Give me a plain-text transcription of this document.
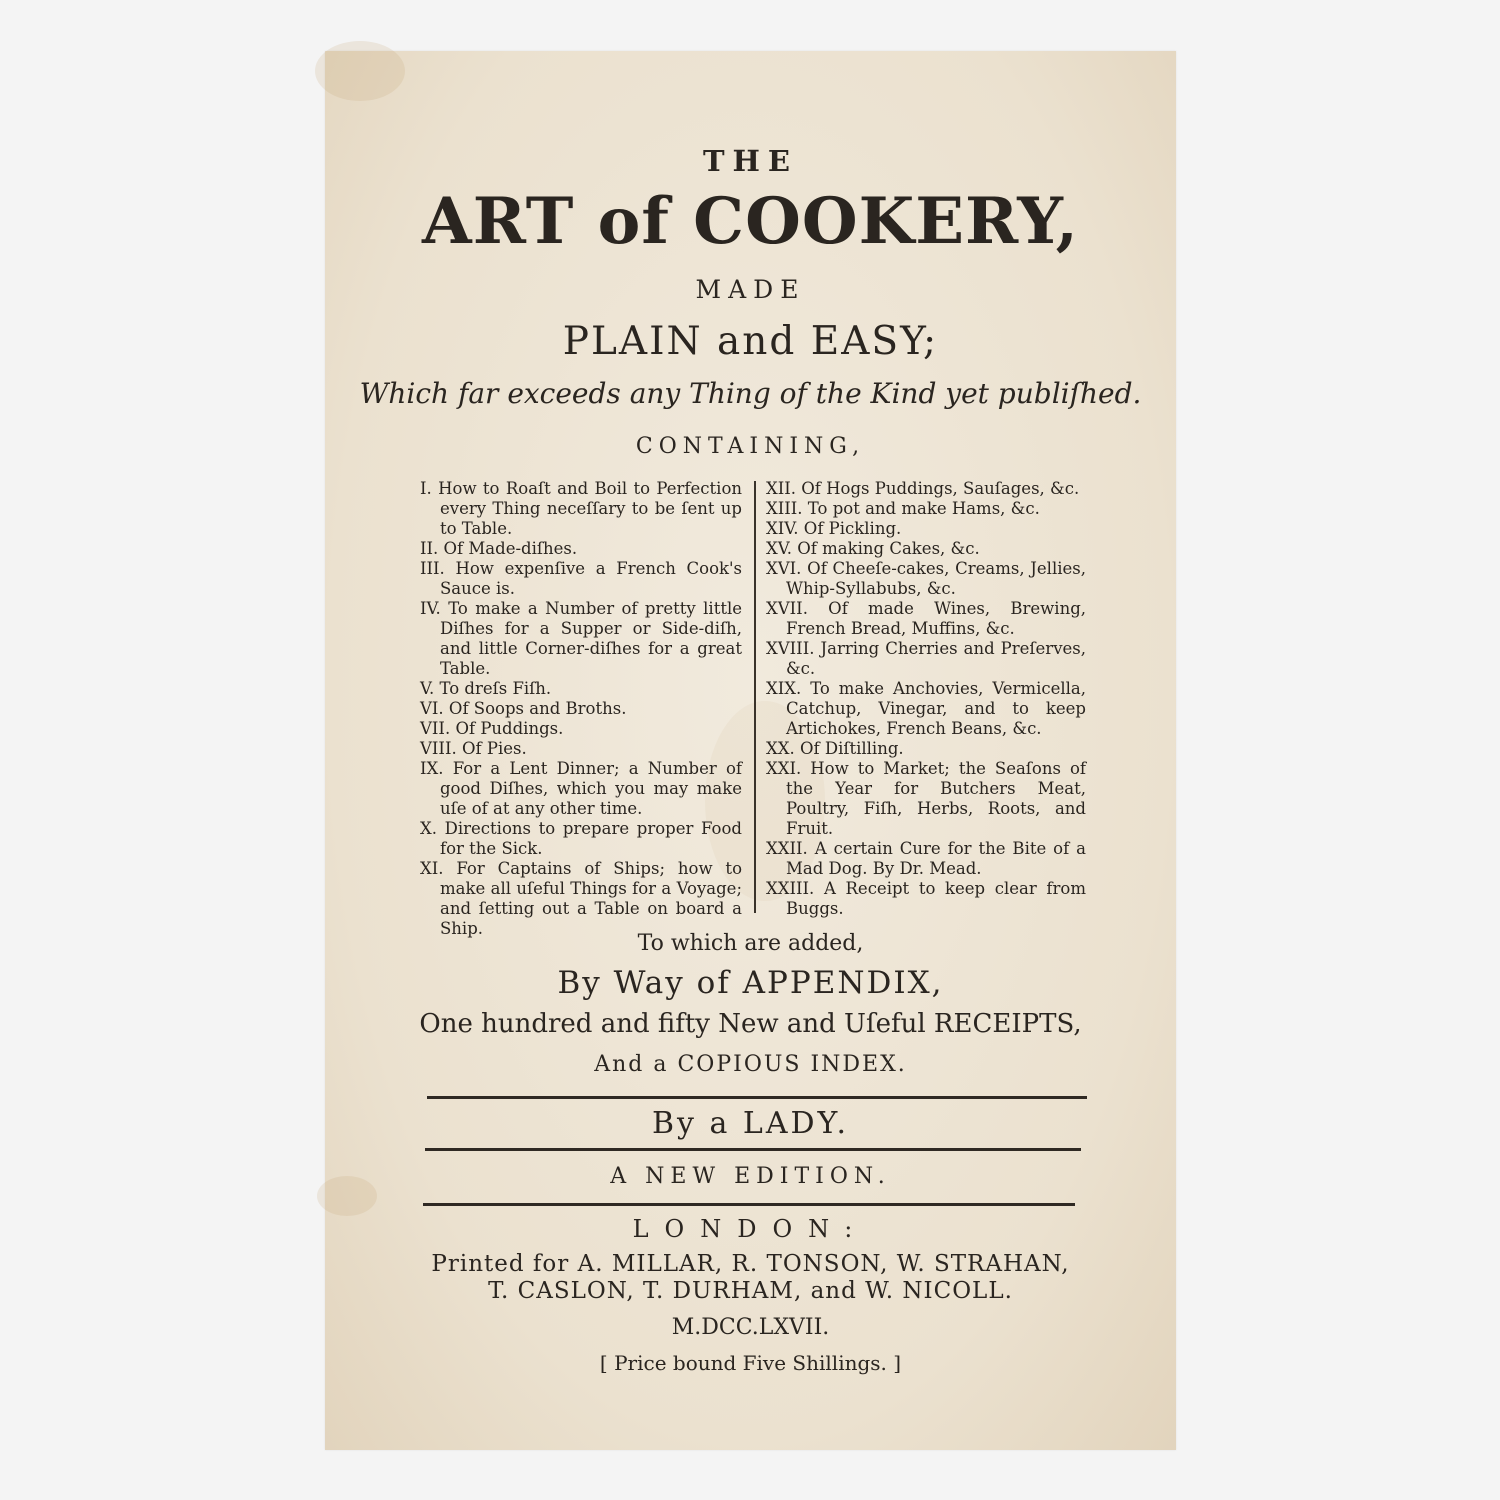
THE
ART of COOKERY,
MADE
PLAIN and EASY;
Which far exceeds any Thing of the Kind yet publiſhed.
CONTAINING,
I. How to Roaſt and Boil to Perfection every Thing neceſſary to be ſent up to Table.
II. Of Made-diſhes.
III. How expenſive a French Cook's Sauce is.
IV. To make a Number of pretty little Diſhes for a Supper or Side-diſh, and little Corner-diſhes for a great Table.
V. To dreſs Fiſh.
VI. Of Soops and Broths.
VII. Of Puddings.
VIII. Of Pies.
IX. For a Lent Dinner; a Number of good Diſhes, which you may make uſe of at any other time.
X. Directions to prepare proper Food for the Sick.
XI. For Captains of Ships; how to make all uſeful Things for a Voyage; and ſetting out a Table on board a Ship.
XII. Of Hogs Puddings, Sauſages, &c.
XIII. To pot and make Hams, &c.
XIV. Of Pickling.
XV. Of making Cakes, &c.
XVI. Of Cheeſe-cakes, Creams, Jellies, Whip-Syllabubs, &c.
XVII. Of made Wines, Brewing, French Bread, Muffins, &c.
XVIII. Jarring Cherries and Preſerves, &c.
XIX. To make Anchovies, Vermicella, Catchup, Vinegar, and to keep Artichokes, French Beans, &c.
XX. Of Diſtilling.
XXI. How to Market; the Seaſons of the Year for Butchers Meat, Poultry, Fiſh, Herbs, Roots, and Fruit.
XXII. A certain Cure for the Bite of a Mad Dog. By Dr. Mead.
XXIII. A Receipt to keep clear from Buggs.
To which are added,
By Way of APPENDIX,
One hundred and fifty New and Uſeful RECEIPTS,
And a COPIOUS INDEX.
By a LADY.
A NEW EDITION.
LONDON:
Printed for A. MILLAR, R. TONSON, W. STRAHAN,
T. CASLON, T. DURHAM, and W. NICOLL.
M.DCC.LXVII.
[ Price bound Five Shillings. ]
